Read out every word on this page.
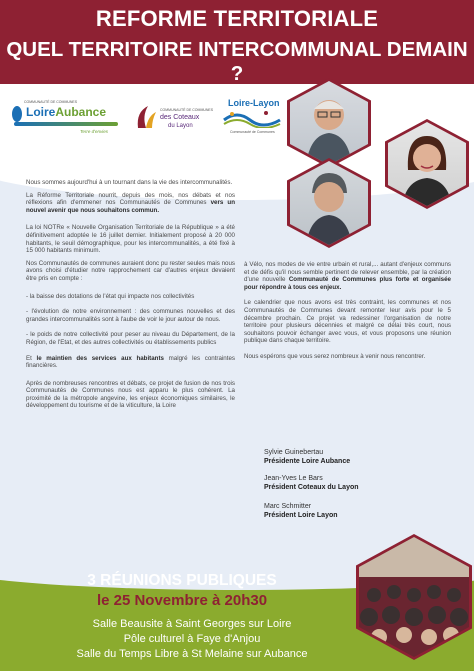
REFORME TERRITORIALE
QUEL TERRITOIRE INTERCOMMUNAL DEMAIN ?
COMMUNAUTÉ DE COMMUNES
LoireAubance
Terre d'envies
COMMUNAUTÉ DE COMMUNES
des Coteaux
du Layon
Loire-Layon
Communauté de Communes

Nous sommes aujourd'hui à un tournant dans la vie des intercommunalités.

La Réforme Territoriale nourrit, depuis des mois, nos débats et nos réflexions afin d'emmener nos Communautés de Communes vers un nouvel avenir que nous souhaitons commun.

La loi NOTRe « Nouvelle Organisation Territoriale de la République » a été définitivement adoptée le 16 juillet dernier. Initialement proposé à 20 000 habitants, le seuil démographique, pour les intercommunalités, a été fixé à 15 000 habitants minimum.

Nos Communautés de communes auraient donc pu rester seules mais nous avons choisi d'étudier notre rapprochement car d'autres enjeux devaient être pris en compte :

- la baisse des dotations de l'état qui impacte nos collectivités

- l'évolution de notre environnement : des communes nouvelles et des grandes intercommunalités sont à l'aube de voir le jour autour de nous.

- le poids de notre collectivité pour peser au niveau du Département, de la Région, de l'Etat, et des autres collectivités ou établissements publics

Et le maintien des services aux habitants malgré les contraintes financières.

Après de nombreuses rencontres et débats, ce projet de fusion de nos trois Communautés de Communes nous est apparu le plus cohérent. La proximité de la métropole angevine, les enjeux économiques similaires, le développement du tourisme et de la viticulture, la Loire

à Vélo, nos modes de vie entre urbain et rural,... autant d'enjeux communs et de défis qu'il nous semble pertinent de relever ensemble, par la création d'une nouvelle Communauté de Communes plus forte et organisée pour répondre à tous ces enjeux.

Le calendrier que nous avons est très contraint, les communes et nos Communautés de Communes devant remonter leur avis pour le 5 décembre prochain. Ce projet va redessiner l'organisation de notre territoire pour plusieurs décennies et malgré ce délai très court, nous souhaitons pouvoir échanger avec vous, et vous proposons une réunion publique dans chaque territoire.

Nous espérons que vous serez nombreux à venir nous rencontrer.

Sylvie Guinebertau
Présidente Loire Aubance
Jean-Yves Le Bars
Président Coteaux du Layon
Marc Schmitter
Président Loire Layon
3 RÉUNIONS PUBLIQUES
le 25 Novembre à 20h30
Salle Beausite à Saint Georges sur Loire
Pôle culturel à Faye d'Anjou
Salle du Temps Libre à St Melaine sur Aubance
